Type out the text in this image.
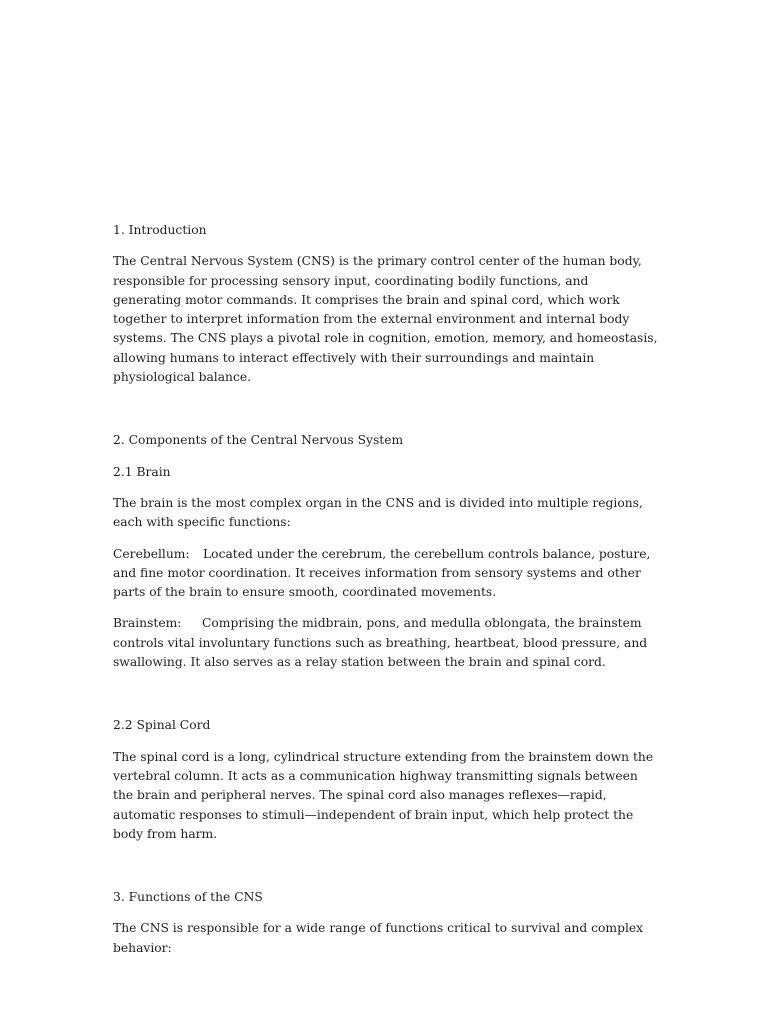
1. Introduction

The Central Nervous System (CNS) is the primary control center of the human body, responsible for processing sensory input, coordinating bodily functions, and generating motor commands. It comprises the brain and spinal cord, which work together to interpret information from the external environment and internal body systems. The CNS plays a pivotal role in cognition, emotion, memory, and homeostasis, allowing humans to interact effectively with their surroundings and maintain physiological balance.

2. Components of the Central Nervous System

2.1 Brain

The brain is the most complex organ in the CNS and is divided into multiple regions, each with specific functions:

Cerebellum: Located under the cerebrum, the cerebellum controls balance, posture, and fine motor coordination. It receives information from sensory systems and other parts of the brain to ensure smooth, coordinated movements.

Brainstem: Comprising the midbrain, pons, and medulla oblongata, the brainstem controls vital involuntary functions such as breathing, heartbeat, blood pressure, and swallowing. It also serves as a relay station between the brain and spinal cord.

2.2 Spinal Cord

The spinal cord is a long, cylindrical structure extending from the brainstem down the vertebral column. It acts as a communication highway transmitting signals between the brain and peripheral nerves. The spinal cord also manages reflexes—rapid, automatic responses to stimuli—independent of brain input, which help protect the body from harm.

3. Functions of the CNS

The CNS is responsible for a wide range of functions critical to survival and complex behavior:
